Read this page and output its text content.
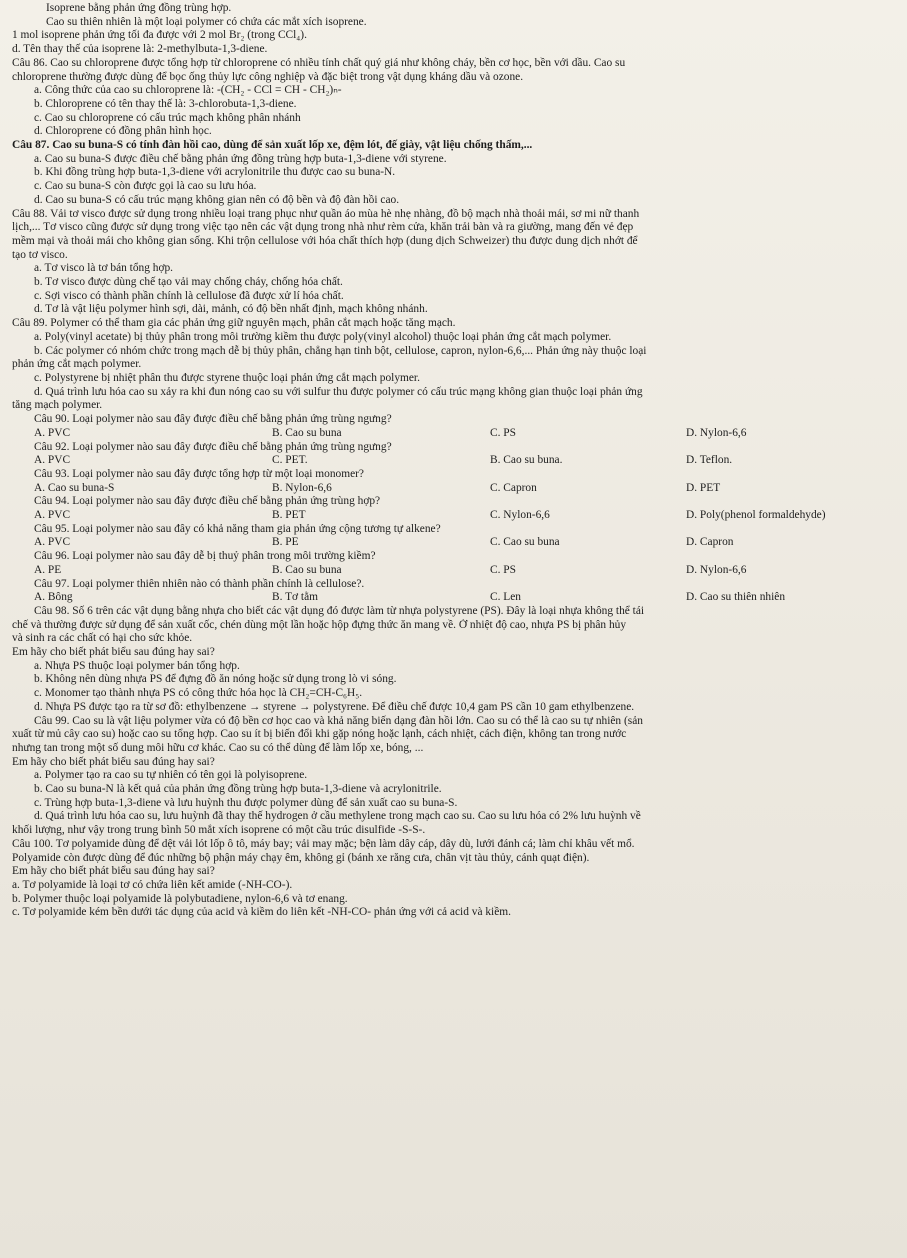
Isoprene bằng phản ứng đồng trùng hợp.
Cao su thiên nhiên là một loại polymer có chứa các mắt xích isoprene.
1 mol isoprene phản ứng tối đa được với 2 mol Br₂ (trong CCl₄).
d. Tên thay thế của isoprene là: 2-methylbuta-1,3-diene.
Câu 86. Cao su chloroprene được tổng hợp từ chloroprene có nhiều tính chất quý giá như không cháy, bền cơ học, bền với dầu. Cao su
chloroprene thường được dùng để bọc ống thủy lực công nghiệp và đặc biệt trong vật dụng kháng dầu và ozone.
a. Công thức của cao su chloroprene là: -(CH₂ - CCl = CH - CH₂)ₙ-
b. Chloroprene có tên thay thế là: 3-chlorobuta-1,3-diene.
c. Cao su chloroprene có cấu trúc mạch không phân nhánh
d. Chloroprene có đồng phân hình học.
Câu 87. Cao su buna-S có tính đàn hồi cao, dùng để sản xuất lốp xe, đệm lót, đế giày, vật liệu chống thấm,...
a. Cao su buna-S được điều chế bằng phản ứng đồng trùng hợp buta-1,3-diene với styrene.
b. Khi đồng trùng hợp buta-1,3-diene với acrylonitrile thu được cao su buna-N.
c. Cao su buna-S còn được gọi là cao su lưu hóa.
d. Cao su buna-S có cấu trúc mạng không gian nên có độ bền và độ đàn hồi cao.
Câu 88. Vải tơ visco được sử dụng trong nhiều loại trang phục như quần áo mùa hè nhẹ nhàng, đồ bộ mạch nhà thoải mái, sơ mi nữ thanh
lịch,... Tơ visco cũng được sử dụng trong việc tạo nên các vật dụng trong nhà như rèm cửa, khăn trải bàn và ra giường, mang đến vẻ đẹp
mềm mại và thoải mái cho không gian sống. Khi trộn cellulose với hóa chất thích hợp (dung dịch Schweizer) thu được dung dịch nhớt để
tạo tơ visco.
a. Tơ visco là tơ bán tổng hợp.
b. Tơ visco được dùng chế tạo vải may chống cháy, chống hóa chất.
c. Sợi visco có thành phần chính là cellulose đã được xử lí hóa chất.
d. Tơ là vật liệu polymer hình sợi, dài, mảnh, có độ bền nhất định, mạch không nhánh.
Câu 89. Polymer có thể tham gia các phản ứng giữ nguyên mạch, phân cắt mạch hoặc tăng mạch.
a. Poly(vinyl acetate) bị thủy phân trong môi trường kiềm thu được poly(vinyl alcohol) thuộc loại phản ứng cắt mạch polymer.
b. Các polymer có nhóm chức trong mạch dễ bị thủy phân, chẳng hạn tinh bột, cellulose, capron, nylon-6,6,... Phản ứng này thuộc loại
phản ứng cắt mạch polymer.
c. Polystyrene bị nhiệt phân thu được styrene thuộc loại phản ứng cắt mạch polymer.
d. Quá trình lưu hóa cao su xảy ra khi đun nóng cao su với sulfur thu được polymer có cấu trúc mạng không gian thuộc loại phản ứng
tăng mạch polymer.
Câu 90. Loại polymer nào sau đây được điều chế bằng phản ứng trùng ngưng?
A. PVC	B. Cao su buna	C. PS	D. Nylon-6,6
Câu 92. Loại polymer nào sau đây được điều chế bằng phản ứng trùng ngưng?
A. PVC	C. PET.	B. Cao su buna.	D. Teflon.
Câu 93. Loại polymer nào sau đây được tổng hợp từ một loại monomer?
A. Cao su buna-S	B. Nylon-6,6	C. Capron	D. PET
Câu 94. Loại polymer nào sau đây được điều chế bằng phản ứng trùng hợp?
A. PVC	B. PET	C. Nylon-6,6	D. Poly(phenol formaldehyde)
Câu 95. Loại polymer nào sau đây có khả năng tham gia phản ứng cộng tương tự alkene?
A. PVC	B. PE	C. Cao su buna	D. Capron
Câu 96. Loại polymer nào sau đây dễ bị thuỷ phân trong môi trường kiềm?
A. PE	B. Cao su buna	C. PS	D. Nylon-6,6
Câu 97. Loại polymer thiên nhiên nào có thành phần chính là cellulose?.
A. Bông	B. Tơ tằm	C. Len	D. Cao su thiên nhiên
Câu 98. Số 6 trên các vật dụng bằng nhựa cho biết các vật dụng đó được làm từ nhựa polystyrene (PS). Đây là loại nhựa không thể tái
chế và thường được sử dụng để sản xuất cốc, chén dùng một lần hoặc hộp đựng thức ăn mang về. Ở nhiệt độ cao, nhựa PS bị phân hủy
và sinh ra các chất có hại cho sức khỏe.
Em hãy cho biết phát biểu sau đúng hay sai?
a. Nhựa PS thuộc loại polymer bán tổng hợp.
b. Không nên dùng nhựa PS để đựng đồ ăn nóng hoặc sử dụng trong lò vi sóng.
c. Monomer tạo thành nhựa PS có công thức hóa học là CH₂=CH-C₆H₅.
d. Nhựa PS được tạo ra từ sơ đồ: ethylbenzene → styrene → polystyrene. Để điều chế được 10,4 gam PS cần 10 gam ethylbenzene.
Câu 99. Cao su là vật liệu polymer vừa có độ bền cơ học cao và khả năng biến dạng đàn hồi lớn. Cao su có thể là cao su tự nhiên (sản
xuất từ mủ cây cao su) hoặc cao su tổng hợp. Cao su ít bị biến đổi khi gặp nóng hoặc lạnh, cách nhiệt, cách điện, không tan trong nước
nhưng tan trong một số dung môi hữu cơ khác. Cao su có thể dùng để làm lốp xe, bóng, ...
Em hãy cho biết phát biểu sau đúng hay sai?
a. Polymer tạo ra cao su tự nhiên có tên gọi là polyisoprene.
b. Cao su buna-N là kết quả của phản ứng đồng trùng hợp buta-1,3-diene và acrylonitrile.
c. Trùng hợp buta-1,3-diene và lưu huỳnh thu được polymer dùng để sản xuất cao su buna-S.
d. Quá trình lưu hóa cao su, lưu huỳnh đã thay thế hydrogen ở cầu methylene trong mạch cao su. Cao su lưu hóa có 2% lưu huỳnh về
khối lượng, như vậy trong trung bình 50 mắt xích isoprene có một cầu trúc disulfide -S-S-.
Câu 100. Tơ polyamide dùng để dệt vải lót lốp ô tô, máy bay; vải may mặc; bện làm dây cáp, dây dù, lưới đánh cá; làm chỉ khâu vết mổ.
Polyamide còn được dùng để đúc những bộ phận máy chạy êm, không gỉ (bánh xe răng cưa, chân vịt tàu thủy, cánh quạt điện).
Em hãy cho biết phát biểu sau đúng hay sai?
a. Tơ polyamide là loại tơ có chứa liên kết amide (-NH-CO-).
b. Polymer thuộc loại polyamide là polybutadiene, nylon-6,6 và tơ enang.
c. Tơ polyamide kém bền dưới tác dụng của acid và kiềm do liên kết -NH-CO- phản ứng với cả acid và kiềm.
